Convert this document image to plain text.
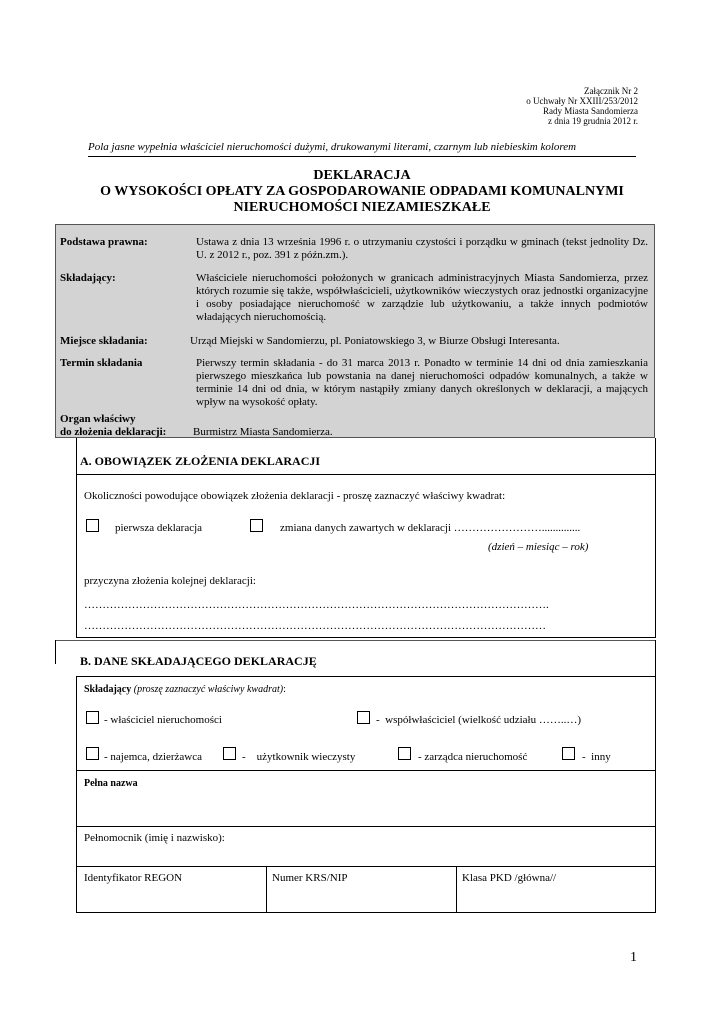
Załącznik Nr 2
o Uchwały Nr XXIII/253/2012
Rady Miasta Sandomierza
z dnia 19 grudnia 2012 r.
Pola jasne wypełnia właściciel nieruchomości dużymi, drukowanymi literami, czarnym lub niebieskim kolorem
DEKLARACJA
O WYSOKOŚCI OPŁATY ZA GOSPODAROWANIE ODPADAMI KOMUNALNYMI
NIERUCHOMOŚCI NIEZAMIESZKAŁE
Podstawa prawna:	Ustawa z dnia 13 września 1996 r. o utrzymaniu czystości i porządku w gminach (tekst jednolity Dz. U. z 2012 r., poz. 391 z późn.zm.).
Składający:	Właściciele nieruchomości położonych w granicach administracyjnych Miasta Sandomierza, przez których rozumie się także, współwłaścicieli, użytkowników wieczystych oraz jednostki organizacyjne i osoby posiadające nieruchomość w zarządzie lub użytkowaniu, a także innych podmiotów władających nieruchomością.
Miejsce składania:	Urząd Miejski w Sandomierzu, pl. Poniatowskiego 3, w Biurze Obsługi Interesanta.
Termin składania	Pierwszy termin składania - do 31 marca 2013 r. Ponadto w terminie 14 dni od dnia zamieszkania pierwszego mieszkańca lub powstania na danej nieruchomości odpadów komunalnych, a także w terminie 14 dni od dnia, w którym nastąpiły zmiany danych określonych w deklaracji, a mających wpływ na wysokość opłaty.
Organ właściwy
do złożenia deklaracji: Burmistrz Miasta Sandomierza.
A. OBOWIĄZEK ZŁOŻENIA DEKLARACJI
Okoliczności powodujące obowiązek złożenia deklaracji - proszę zaznaczyć właściwy kwadrat:
pierwsza deklaracja	zmiana danych zawartych w deklaracji ……………………..............
(dzień – miesiąc – rok)
przyczyna złożenia kolejnej deklaracji:
……………………………………………………………………………………………………………….
………………………………………………………………………………………………………………
B. DANE SKŁADAJĄCEGO DEKLARACJĘ
Składający (proszę zaznaczyć właściwy kwadrat):
- właściciel nieruchomości	-  współwłaściciel (wielkość udziału ……..…)
- najemca, dzierżawca	-    użytkownik wieczysty	- zarządca nieruchomość	-  inny
Pełna nazwa
Pełnomocnik (imię i nazwisko):
Identyfikator REGON	Numer KRS/NIP	Klasa PKD /główna//
1
